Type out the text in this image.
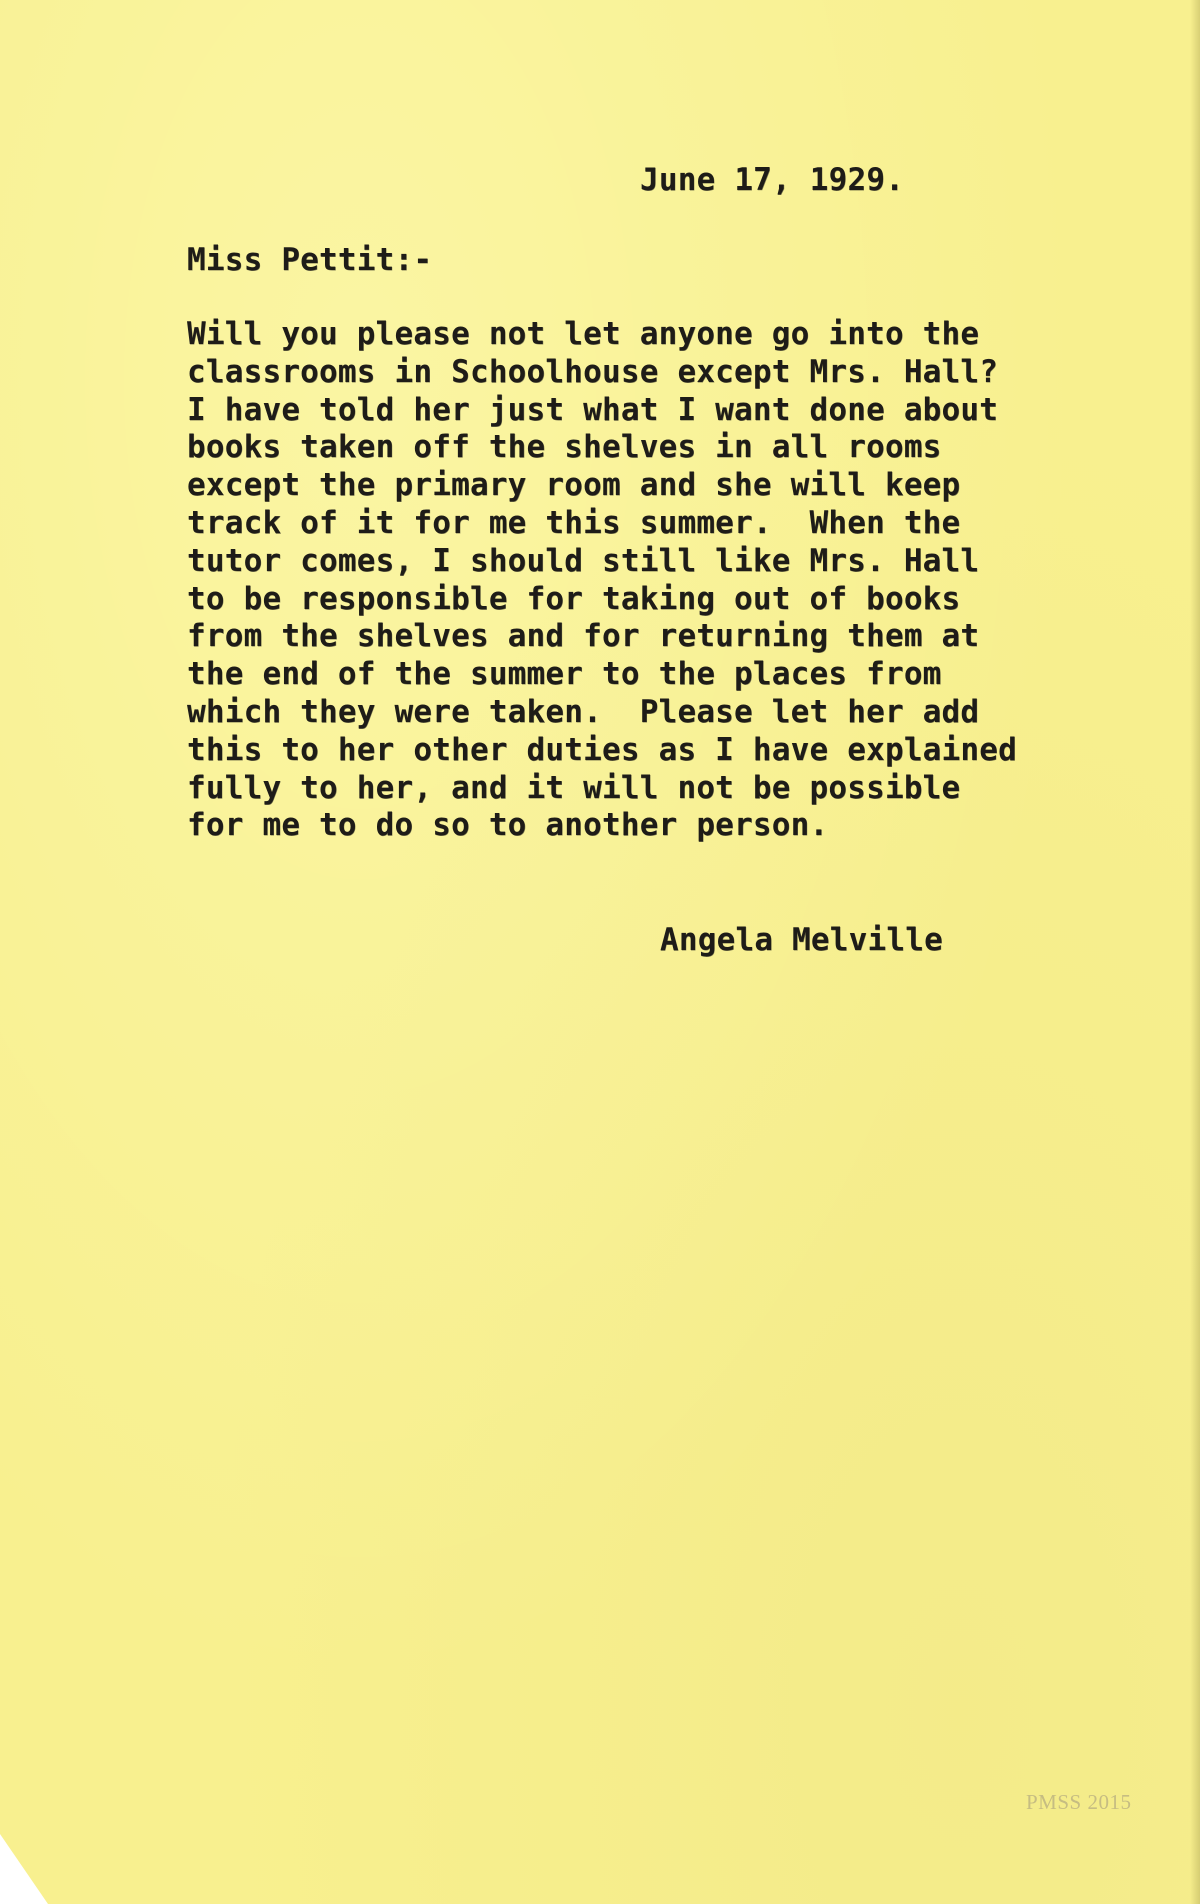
June 17, 1929.
Miss Pettit:-
Will you please not let anyone go into the
classrooms in Schoolhouse except Mrs. Hall?
I have told her just what I want done about
books taken off the shelves in all rooms
except the primary room and she will keep
track of it for me this summer.  When the
tutor comes, I should still like Mrs. Hall
to be responsible for taking out of books
from the shelves and for returning them at
the end of the summer to the places from
which they were taken.  Please let her add
this to her other duties as I have explained
fully to her, and it will not be possible
for me to do so to another person.
Angela Melville
PMSS 2015
